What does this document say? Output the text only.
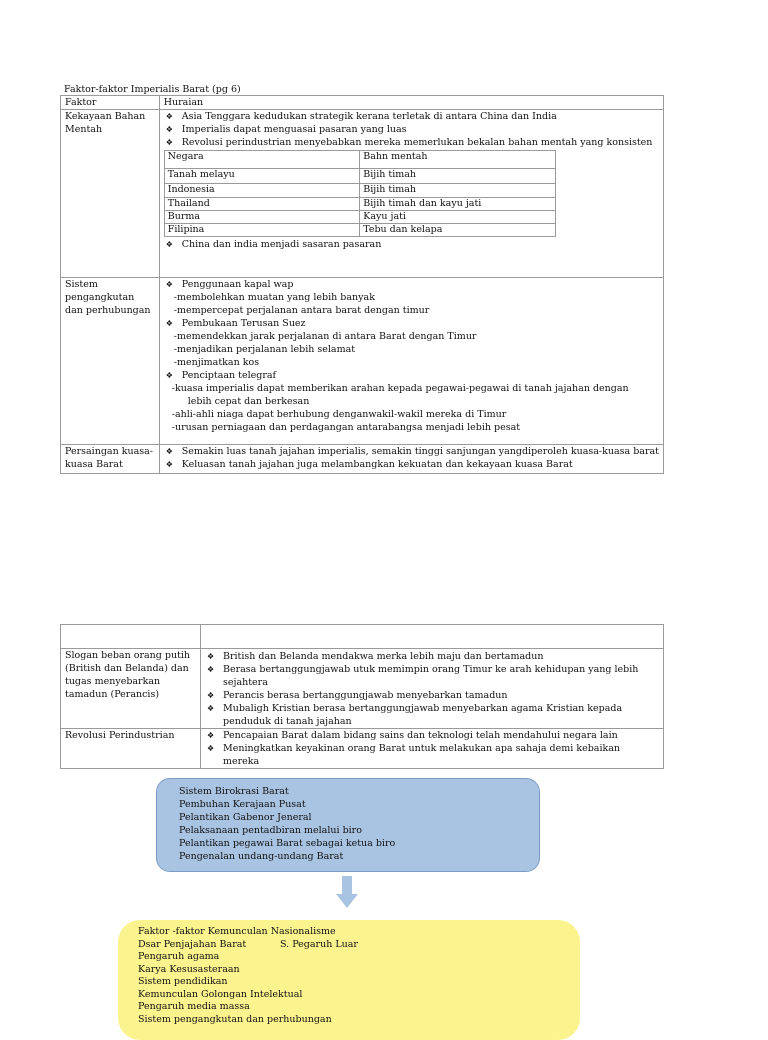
Faktor-faktor Imperialis Barat (pg 6)
Faktor	Huraian
Kekayaan Bahan Mentah	
❖ Asia Tenggara kedudukan strategik kerana terletak di antara China dan India
❖ Imperialis dapat menguasai pasaran yang luas
❖ Revolusi perindustrian menyebabkan mereka memerlukan bekalan bahan mentah yang konsisten
Negara	Bahn mentah
Tanah melayu	Bijih timah
Indonesia	Bijih timah
Thailand	Bijih timah dan kayu jati
Burma	Kayu jati
Filipina	Tebu dan kelapa
❖ China dan india menjadi sasaran pasaran

Sistem pengangkutan dan perhubungan	
❖ Penggunaan kapal wap
-membolehkan muatan yang lebih banyak
-mempercepat perjalanan antara barat dengan timur
❖ Pembukaan Terusan Suez
-memendekkan jarak perjalanan di antara Barat dengan Timur
-menjadikan perjalanan lebih selamat
-menjimatkan kos
❖ Penciptaan telegraf
-kuasa imperialis dapat memberikan arahan kepada pegawai-pegawai di tanah jajahan dengan
lebih cepat dan berkesan
-ahli-ahli niaga dapat berhubung denganwakil-wakil mereka di Timur
-urusan perniagaan dan perdagangan antarabangsa menjadi lebih pesat

Persaingan kuasa-kuasa Barat	
❖ Semakin luas tanah jajahan imperialis, semakin tinggi sanjungan yangdiperoleh kuasa-kuasa barat
❖ Keluasan tanah jajahan juga melambangkan kekuatan dan kekayaan kuasa Barat

Slogan beban orang putih (British dan Belanda) dan tugas menyebarkan tamadun (Perancis)	❖ British dan Belanda mendakwa merka lebih maju dan bertamadun
❖ Berasa bertanggungjawab utuk memimpin orang Timur ke arah kehidupan yang lebih sejahtera
❖ Perancis berasa bertanggungjawab menyebarkan tamadun
❖ Mubaligh Kristian berasa bertanggungjawab menyebarkan agama Kristian kepada penduduk di tanah jajahan

Revolusi Perindustrian	❖ Pencapaian Barat dalam bidang sains dan teknologi telah mendahului negara lain
❖ Meningkatkan keyakinan orang Barat untuk melakukan apa sahaja demi kebaikan mereka
Sistem Birokrasi Barat
Pembuhan Kerajaan Pusat
Pelantikan Gabenor Jeneral
Pelaksanaan pentadbiran melalui biro
Pelantikan pegawai Barat sebagai ketua biro
Pengenalan undang-undang Barat
Faktor -faktor Kemunculan Nasionalisme
Dsar Penjajahan Barat	S. Pegaruh Luar
Pengaruh agama
Karya Kesusasteraan
Sistem pendidikan
Kemunculan Golongan Intelektual
Pengaruh media massa
Sistem pengangkutan dan perhubungan
